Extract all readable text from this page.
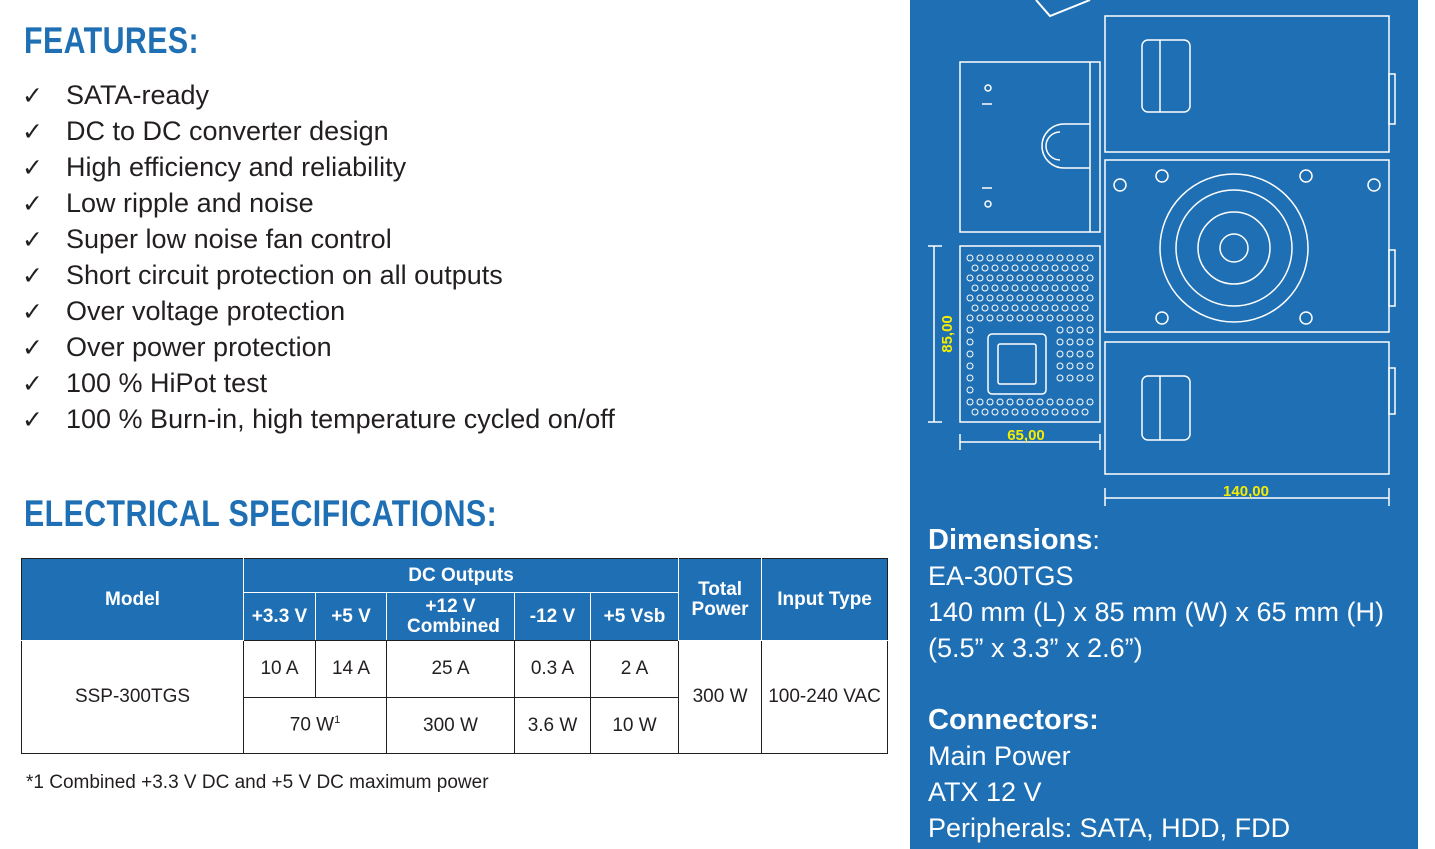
FEATURES:
✓ SATA-ready
✓ DC to DC converter design
✓ High efficiency and reliability
✓ Low ripple and noise
✓ Super low noise fan control
✓ Short circuit protection on all outputs
✓ Over voltage protection
✓ Over power protection
✓ 100 % HiPot test
✓ 100 % Burn-in, high temperature cycled on/off
ELECTRICAL SPECIFICATIONS:
Model	DC Outputs					Total Power	Input Type
	+3.3 V	+5 V	+12 V Combined	-12 V	+5 Vsb		
SSP-300TGS	10 A	14 A	25 A	0.3 A	2 A	300 W	100-240 VAC
	70 $W^1$		300 W	3.6 W	10 W		
*1 Combined +3.3 V DC and +5 V DC maximum power
85,00
65,00
140,00
Dimensions:
EA-300TGS
140 mm (L) x 85 mm (W) x 65 mm (H)
(5.5” x 3.3” x 2.6”)
Connectors:
Main Power
ATX 12 V
Peripherals: SATA, HDD, FDD
